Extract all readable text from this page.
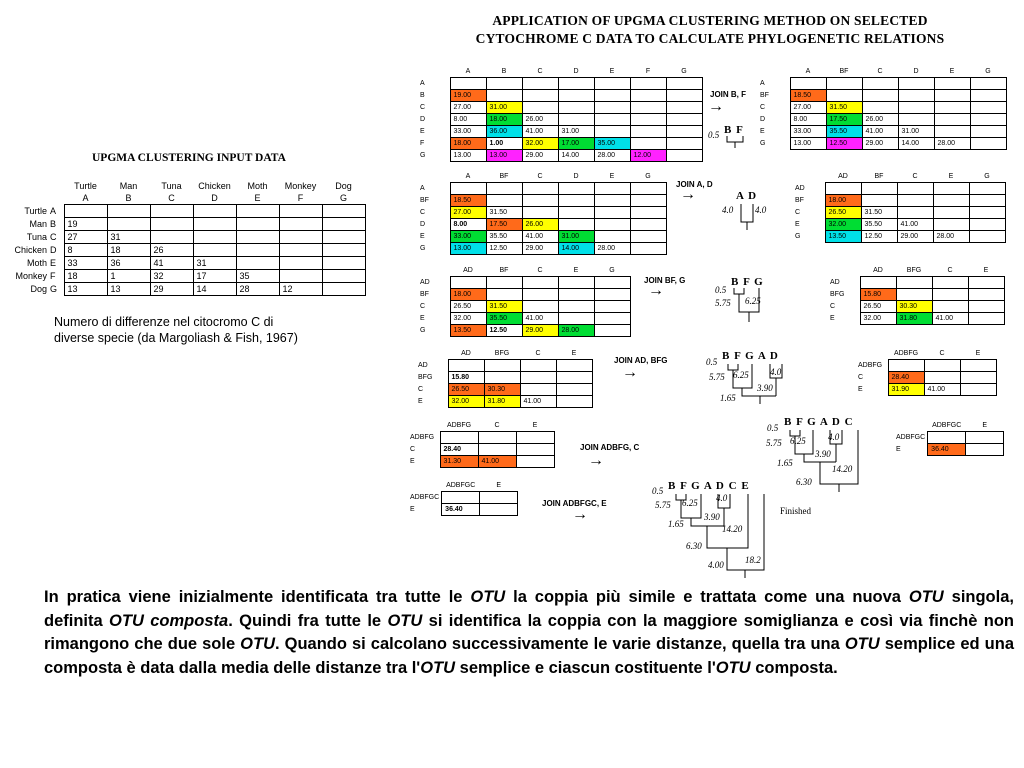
APPLICATION OF UPGMA CLUSTERING METHOD ON SELECTED
CYTOCHROME C DATA TO CALCULATE PHYLOGENETIC RELATIONS
UPGMA CLUSTERING INPUT DATA
		Turtle	Man	Tuna	Chicken	Moth	Monkey	Dog
		A	B	C	D	E	F	G
Turtle	A							
Man	B	19						
Tuna	C	27	31					
Chicken	D	8	18	26				
Moth	E	33	36	41	31			
Monkey	F	18	1	32	17	35		
Dog	G	13	13	29	14	28	12	
Numero di differenze nel citocromo C di
diverse specie (da Margoliash & Fish, 1967)
	A	B	C	D	E	F	G
A							
B	19.00						
C	27.00	31.00					
D	8.00	18.00	26.00				
E	33.00	36.00	41.00	31.00			
F	18.00	1.00	32.00	17.00	35.00		
G	13.00	13.00	29.00	14.00	28.00	12.00	
	A	BF	C	D	E	G
A						
BF	18.50					
C	27.00	31.50				
D	8.00	17.50	26.00			
E	33.00	35.50	41.00	31.00		
G	13.00	12.50	29.00	14.00	28.00	
	A	BF	C	D	E	G
A						
BF	18.50					
C	27.00	31.50				
D	8.00	17.50	26.00			
E	33.00	35.50	41.00	31.00		
G	13.00	12.50	29.00	14.00	28.00	
	AD	BF	C	E	G
AD					
BF	18.00				
C	26.50	31.50			
E	32.00	35.50	41.00		
G	13.50	12.50	29.00	28.00	
	AD	BF	C	E	G
AD					
BF	18.00				
C	26.50	31.50			
E	32.00	35.50	41.00		
G	13.50	12.50	29.00	28.00	
	AD	BFG	C	E
AD				
BFG	15.80			
C	26.50	30.30		
E	32.00	31.80	41.00	
	AD	BFG	C	E
AD				
BFG	15.80			
C	26.50	30.30		
E	32.00	31.80	41.00	
	ADBFG	C	E
ADBFG			
C	28.40		
E	31.90	41.00	
	ADBFG	C	E
ADBFG			
C	28.40		
E	31.30	41.00	
	ADBFGC	E
ADBFGC		
E	36.40	
	ADBFGC	E
ADBFGC		
E	36.40	
JOIN B, F
→
JOIN A, D
→
JOIN BF, G
→
JOIN AD, BFG
→
JOIN ADBFG, C
→
JOIN ADBFGC, E
→
B F
0.5
A D
4.0 4.0
B F G
0.5
5.75 6.25
B F G A D
0.5
5.75 6.25 4.0
3.90
1.65
B F G A D C
0.5
5.75 6.25 4.0
3.90
1.65
14.20
6.30
B F G A D C E
0.5
5.75 6.25 4.0
3.90
1.65	14.20
6.30
18.2
4.00
Finished
In pratica viene inizialmente identificata tra tutte le OTU la coppia più simile e trattata come una nuova OTU singola, definita OTU composta. Quindi fra tutte le OTU si identifica la coppia con la maggiore somiglianza e così via finchè non rimangono che due sole OTU. Quando si calcolano successivamente le varie distanze, quella tra una OTU semplice ed una composta è data dalla media delle distanze tra l'OTU semplice e ciascun costituente l'OTU composta.
